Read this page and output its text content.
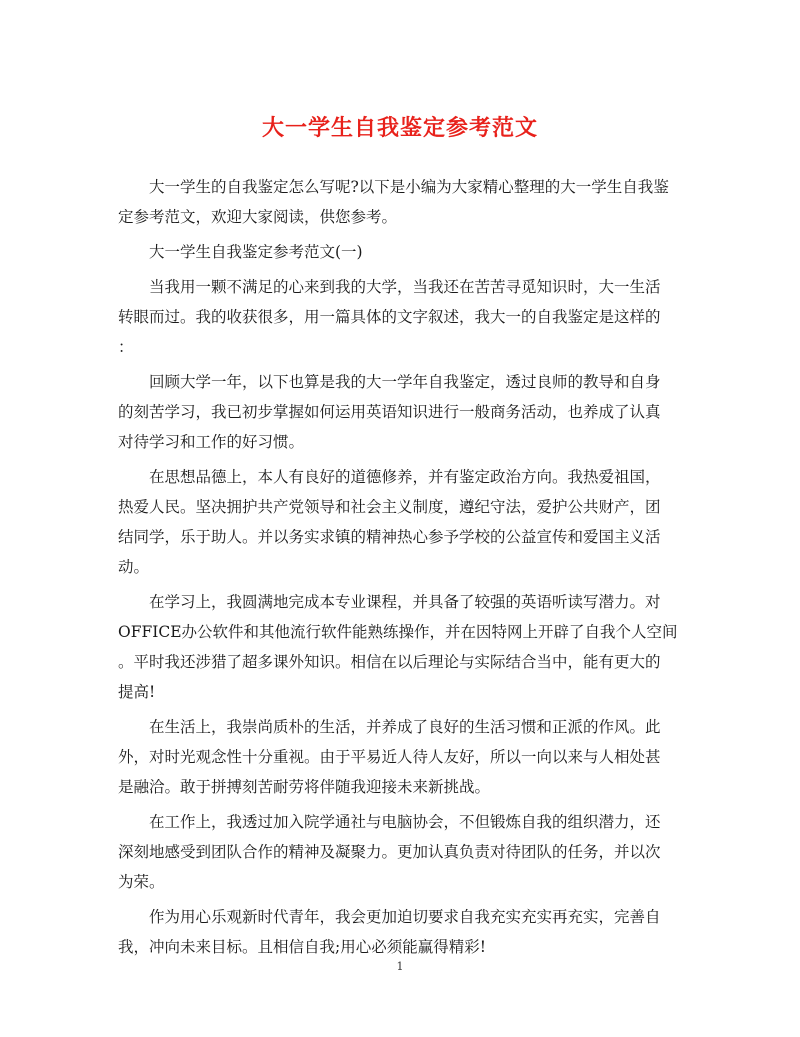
大一学生自我鉴定参考范文

大一学生的自我鉴定怎么写呢?以下是小编为大家精心整理的大一学生自我鉴
定参考范文，欢迎大家阅读，供您参考。

大一学生自我鉴定参考范文(一)

当我用一颗不满足的心来到我的大学，当我还在苦苦寻觅知识时，大一生活
转眼而过。我的收获很多，用一篇具体的文字叙述，我大一的自我鉴定是这样的
：

回顾大学一年，以下也算是我的大一学年自我鉴定，透过良师的教导和自身
的刻苦学习，我已初步掌握如何运用英语知识进行一般商务活动，也养成了认真
对待学习和工作的好习惯。

在思想品德上，本人有良好的道德修养，并有鉴定政治方向。我热爱祖国，
热爱人民。坚决拥护共产党领导和社会主义制度，遵纪守法，爱护公共财产，团
结同学，乐于助人。并以务实求镇的精神热心参予学校的公益宣传和爱国主义活
动。

在学习上，我圆满地完成本专业课程，并具备了较强的英语听读写潜力。对
OFFICE办公软件和其他流行软件能熟练操作，并在因特网上开辟了自我个人空间
。平时我还涉猎了超多课外知识。相信在以后理论与实际结合当中，能有更大的
提高!

在生活上，我崇尚质朴的生活，并养成了良好的生活习惯和正派的作风。此
外，对时光观念性十分重视。由于平易近人待人友好，所以一向以来与人相处甚
是融洽。敢于拼搏刻苦耐劳将伴随我迎接未来新挑战。

在工作上，我透过加入院学通社与电脑协会，不但锻炼自我的组织潜力，还
深刻地感受到团队合作的精神及凝聚力。更加认真负责对待团队的任务，并以次
为荣。

作为用心乐观新时代青年，我会更加迫切要求自我充实充实再充实，完善自
我，冲向未来目标。且相信自我;用心必须能赢得精彩!

1
